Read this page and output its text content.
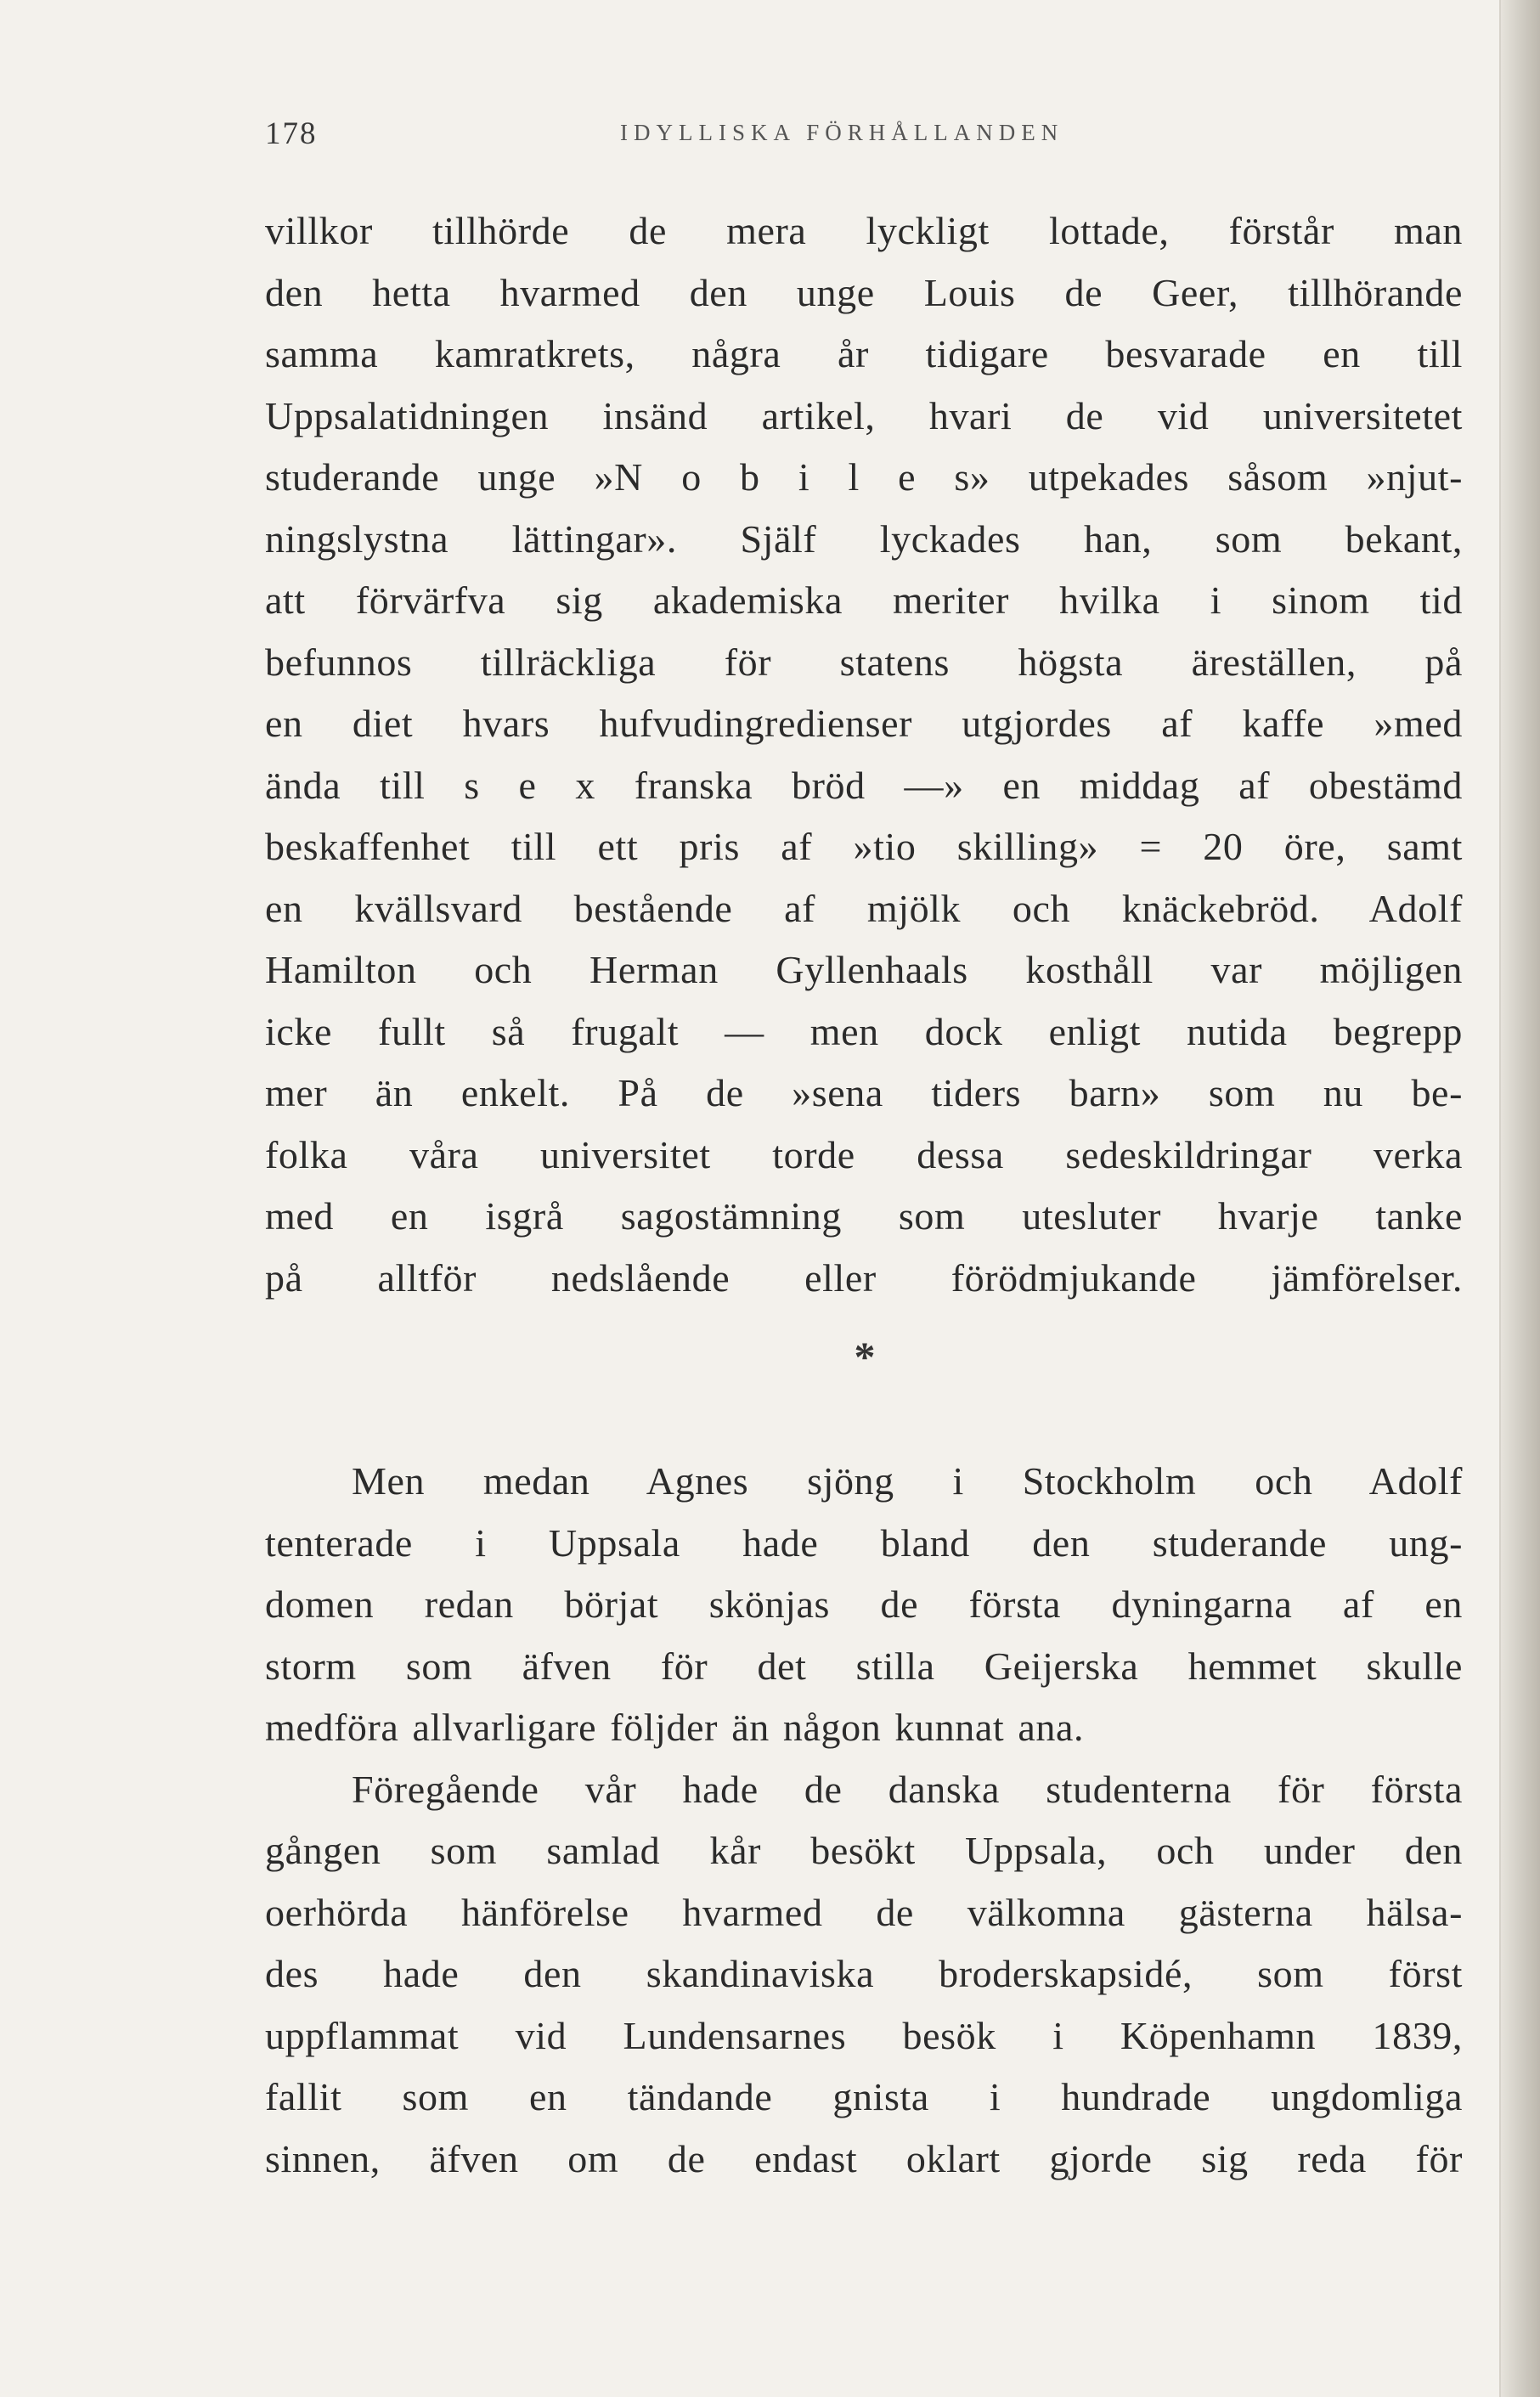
178	IDYLLISKA FÖRHÅLLANDEN
villkor tillhörde de mera lyckligt lottade, förstår man
den hetta hvarmed den unge Louis de Geer, tillhörande
samma kamratkrets, några år tidigare besvarade en till
Uppsalatidningen insänd artikel, hvari de vid universitetet
studerande unge »N o b i l e s» utpekades såsom »njut-
ningslystna lättingar». Själf lyckades han, som bekant,
att förvärfva sig akademiska meriter hvilka i sinom tid
befunnos tillräckliga för statens högsta äreställen, på
en diet hvars hufvudingredienser utgjordes af kaffe »med
ända till s e x franska bröd —» en middag af obestämd
beskaffenhet till ett pris af »tio skilling» = 20 öre, samt
en kvällsvard bestående af mjölk och knäckebröd. Adolf
Hamilton och Herman Gyllenhaals kosthåll var möjligen
icke fullt så frugalt — men dock enligt nutida begrepp
mer än enkelt. På de »sena tiders barn» som nu be-
folka våra universitet torde dessa sedeskildringar verka
med en isgrå sagostämning som utesluter hvarje tanke
på alltför nedslående eller förödmjukande jämförelser.
*
Men medan Agnes sjöng i Stockholm och Adolf
tenterade i Uppsala hade bland den studerande ung-
domen redan börjat skönjas de första dyningarna af en
storm som äfven för det stilla Geijerska hemmet skulle
medföra allvarligare följder än någon kunnat ana.
Föregående vår hade de danska studenterna för första
gången som samlad kår besökt Uppsala, och under den
oerhörda hänförelse hvarmed de välkomna gästerna hälsa-
des hade den skandinaviska broderskapsidé, som först
uppflammat vid Lundensarnes besök i Köpenhamn 1839,
fallit som en tändande gnista i hundrade ungdomliga
sinnen, äfven om de endast oklart gjorde sig reda för
